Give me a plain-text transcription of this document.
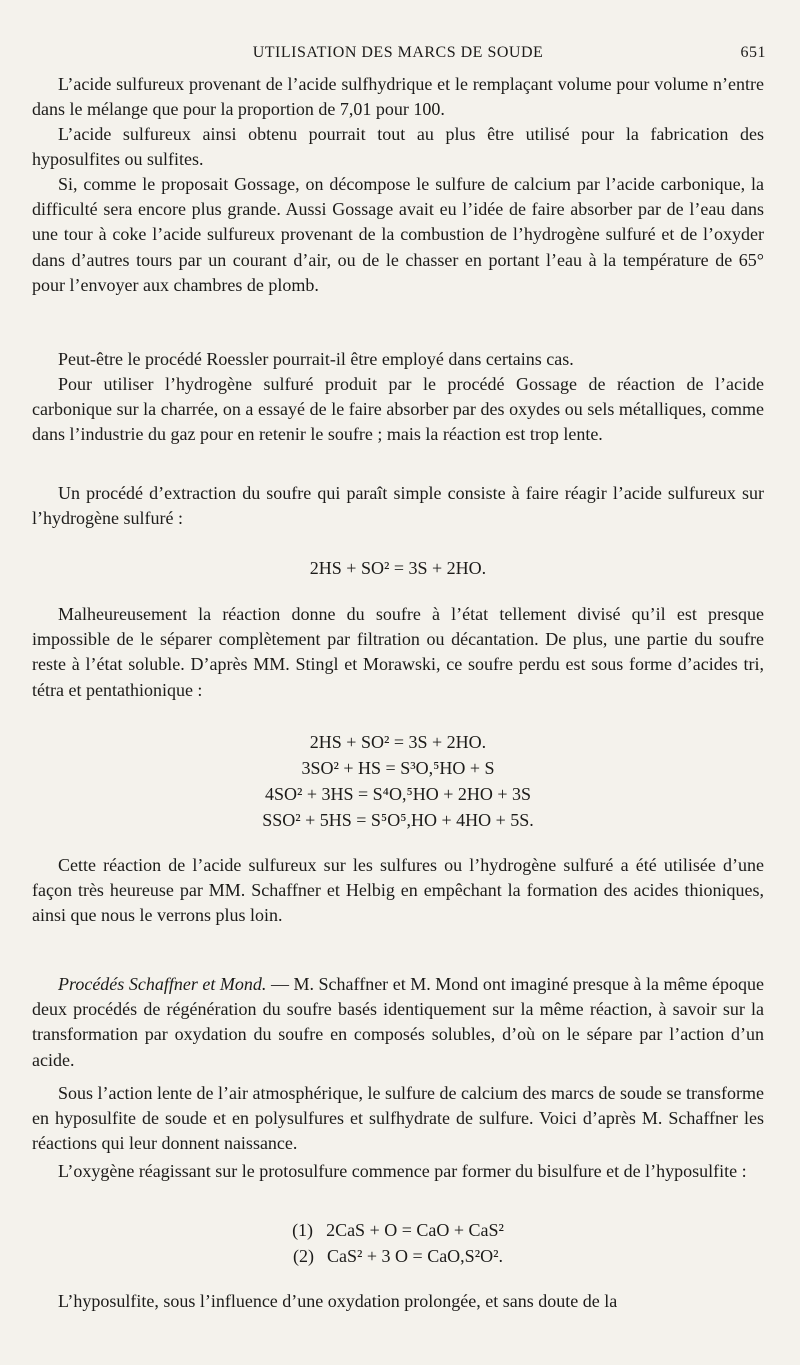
UTILISATION DES MARCS DE SOUDE	651

L’acide sulfureux provenant de l’acide sulfhydrique et le remplaçant volume pour volume n’entre dans le mélange que pour la proportion de 7,01 pour 100.

L’acide sulfureux ainsi obtenu pourrait tout au plus être utilisé pour la fabrication des hyposulfites ou sulfites.

Si, comme le proposait Gossage, on décompose le sulfure de calcium par l’acide carbonique, la difficulté sera encore plus grande. Aussi Gossage avait eu l’idée de faire absorber par de l’eau dans une tour à coke l’acide sulfureux provenant de la combustion de l’hydrogène sulfuré et de l’oxyder dans d’autres tours par un courant d’air, ou de le chasser en portant l’eau à la température de 65° pour l’envoyer aux chambres de plomb.

Peut-être le procédé Roessler pourrait-il être employé dans certains cas.

Pour utiliser l’hydrogène sulfuré produit par le procédé Gossage de réaction de l’acide carbonique sur la charrée, on a essayé de le faire absorber par des oxydes ou sels métalliques, comme dans l’industrie du gaz pour en retenir le soufre ; mais la réaction est trop lente.

Un procédé d’extraction du soufre qui paraît simple consiste à faire réagir l’acide sulfureux sur l’hydrogène sulfuré :

2HS + SO² = 3S + 2HO.

Malheureusement la réaction donne du soufre à l’état tellement divisé qu’il est presque impossible de le séparer complètement par filtration ou décantation. De plus, une partie du soufre reste à l’état soluble. D’après MM. Stingl et Morawski, ce soufre perdu est sous forme d’acides tri, tétra et pentathionique :

2HS + SO² = 3S + 2HO.
3SO² + HS = S³O,⁵HO + S
4SO² + 3HS = S⁴O,⁵HO + 2HO + 3S
SSO² + 5HS = S⁵O⁵,HO + 4HO + 5S.

Cette réaction de l’acide sulfureux sur les sulfures ou l’hydrogène sulfuré a été utilisée d’une façon très heureuse par MM. Schaffner et Helbig en empêchant la formation des acides thioniques, ainsi que nous le verrons plus loin.

Procédés Schaffner et Mond. — M. Schaffner et M. Mond ont imaginé presque à la même époque deux procédés de régénération du soufre basés identiquement sur la même réaction, à savoir sur la transformation par oxydation du soufre en composés solubles, d’où on le sépare par l’action d’un acide.

Sous l’action lente de l’air atmosphérique, le sulfure de calcium des marcs de soude se transforme en hyposulfite de soude et en polysulfures et sulfhydrate de sulfure. Voici d’après M. Schaffner les réactions qui leur donnent naissance.

L’oxygène réagissant sur le protosulfure commence par former du bisulfure et de l’hyposulfite :

(1) 2CaS + O = CaO + CaS²
(2) CaS² + 3 O = CaO,S²O².

L’hyposulfite, sous l’influence d’une oxydation prolongée, et sans doute de la
